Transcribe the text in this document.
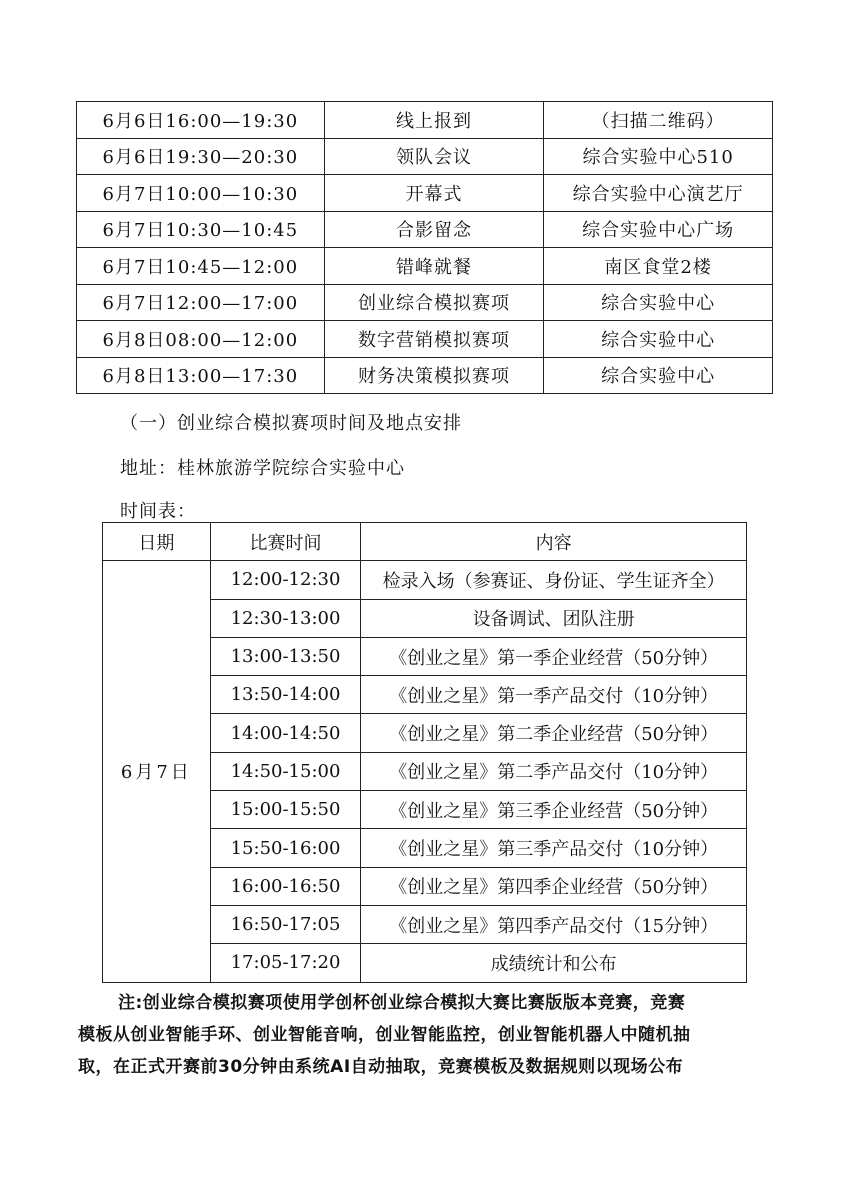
6月6日16:00—19:30	线上报到	（扫描二维码）
6月6日19:30—20:30	领队会议	综合实验中心510
6月7日10:00—10:30	开幕式	综合实验中心演艺厅
6月7日10:30—10:45	合影留念	综合实验中心广场
6月7日10:45—12:00	错峰就餐	南区食堂2楼
6月7日12:00—17:00	创业综合模拟赛项	综合实验中心
6月8日08:00—12:00	数字营销模拟赛项	综合实验中心
6月8日13:00—17:30	财务决策模拟赛项	综合实验中心
（一）创业综合模拟赛项时间及地点安排
地址：桂林旅游学院综合实验中心
时间表：
日期	比赛时间	内容
6月7日	12:00-12:30	检录入场（参赛证、身份证、学生证齐全）
	12:30-13:00	设备调试、团队注册
	13:00-13:50	《创业之星》第一季企业经营（50分钟）
	13:50-14:00	《创业之星》第一季产品交付（10分钟）
	14:00-14:50	《创业之星》第二季企业经营（50分钟）
	14:50-15:00	《创业之星》第二季产品交付（10分钟）
	15:00-15:50	《创业之星》第三季企业经营（50分钟）
	15:50-16:00	《创业之星》第三季产品交付（10分钟）
	16:00-16:50	《创业之星》第四季企业经营（50分钟）
	16:50-17:05	《创业之星》第四季产品交付（15分钟）
	17:05-17:20	成绩统计和公布
注:创业综合模拟赛项使用学创杯创业综合模拟大赛比赛版版本竞赛，竞赛
模板从创业智能手环、创业智能音响，创业智能监控，创业智能机器人中随机抽
取，在正式开赛前30分钟由系统AI自动抽取，竞赛模板及数据规则以现场公布
